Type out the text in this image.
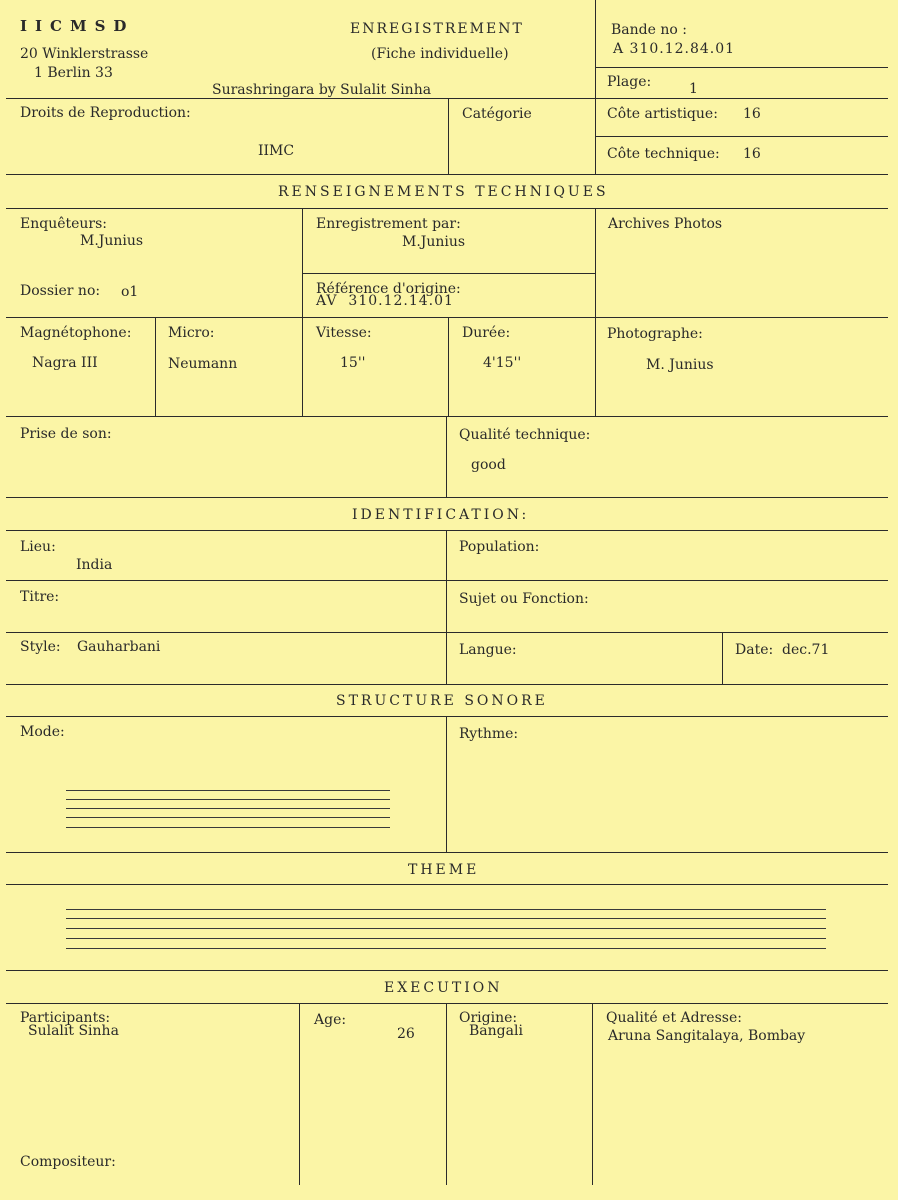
IICMSD
20 Winklerstrasse
1 Berlin 33
ENREGISTREMENT
(Fiche individuelle)
Surashringara by Sulalit Sinha
Bande no :
A 310.12.84.01
Plage:	1
Droits de Reproduction:
IIMC
Catégorie	Côte artistique: 16
Côte technique: 16
RENSEIGNEMENTS TECHNIQUES
Enquêteurs:
M.Junius
Dossier no: o1
Enregistrement par:
M.Junius
Référence d'origine:
AV  310.12.14.01
Archives Photos
Magnétophone:
Nagra III
Micro:
Neumann
Vitesse:
15''
Durée:
4'15''
Photographe:
M. Junius
Prise de son:	Qualité technique:
good
IDENTIFICATION:
Lieu:
India
Population:
Titre:	Sujet ou Fonction:
Style: Gauharbani	Langue:	Date: dec.71
STRUCTURE SONORE
Mode:	Rythme:
THEME
EXECUTION
Participants:
Sulalit Sinha
Age:
26
Origine:
Bangali
Qualité et Adresse:
Aruna Sangitalaya, Bombay
Compositeur:
